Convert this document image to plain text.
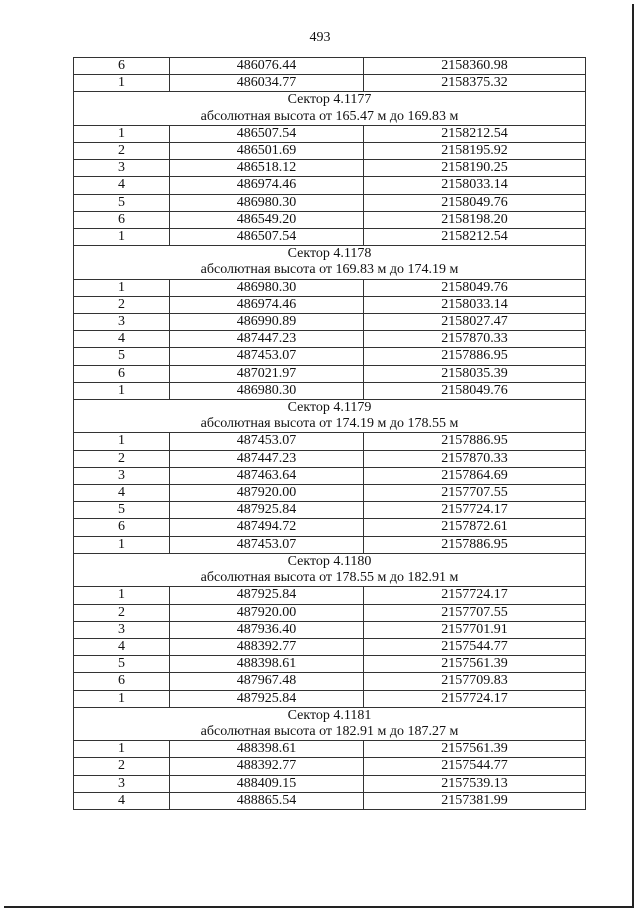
493
6	486076.44	2158360.98
1	486034.77	2158375.32
Сектор 4.1177		
абсолютная высота от 165.47 м до 169.83 м		
1	486507.54	2158212.54
2	486501.69	2158195.92
3	486518.12	2158190.25
4	486974.46	2158033.14
5	486980.30	2158049.76
6	486549.20	2158198.20
1	486507.54	2158212.54
Сектор 4.1178		
абсолютная высота от 169.83 м до 174.19 м		
1	486980.30	2158049.76
2	486974.46	2158033.14
3	486990.89	2158027.47
4	487447.23	2157870.33
5	487453.07	2157886.95
6	487021.97	2158035.39
1	486980.30	2158049.76
Сектор 4.1179		
абсолютная высота от 174.19 м до 178.55 м		
1	487453.07	2157886.95
2	487447.23	2157870.33
3	487463.64	2157864.69
4	487920.00	2157707.55
5	487925.84	2157724.17
6	487494.72	2157872.61
1	487453.07	2157886.95
Сектор 4.1180		
абсолютная высота от 178.55 м до 182.91 м		
1	487925.84	2157724.17
2	487920.00	2157707.55
3	487936.40	2157701.91
4	488392.77	2157544.77
5	488398.61	2157561.39
6	487967.48	2157709.83
1	487925.84	2157724.17
Сектор 4.1181		
абсолютная высота от 182.91 м до 187.27 м		
1	488398.61	2157561.39
2	488392.77	2157544.77
3	488409.15	2157539.13
4	488865.54	2157381.99
